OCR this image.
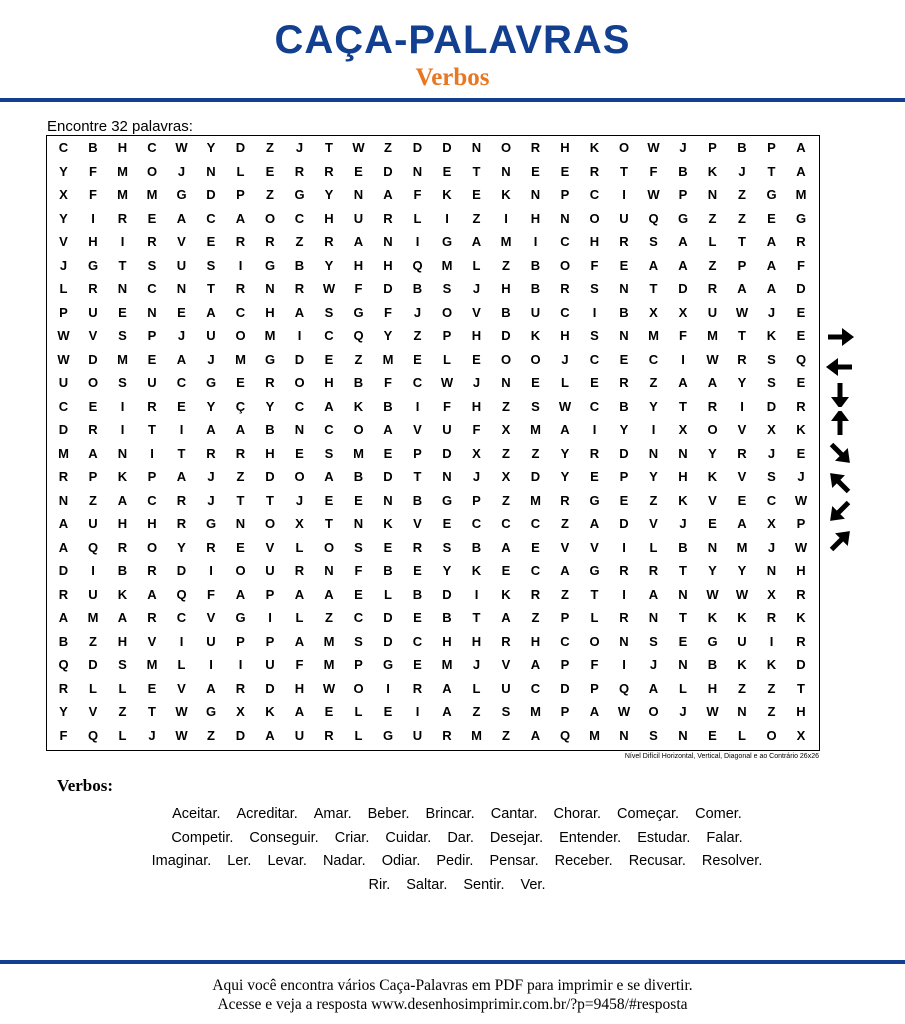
CAÇA-PALAVRAS
Verbos
Encontre 32 palavras:
C	B	H	C	W	Y	D	Z	J	T	W	Z	D	D	N	O	R	H	K	O	W	J	P	B	P	A
Y	F	M	O	J	N	L	E	R	R	E	D	N	E	T	N	E	E	R	T	F	B	K	J	T	A
X	F	M	M	G	D	P	Z	G	Y	N	A	F	K	E	K	N	P	C	I	W	P	N	Z	G	M
Y	I	R	E	A	C	A	O	C	H	U	R	L	I	Z	I	H	N	O	U	Q	G	Z	Z	E	G
V	H	I	R	V	E	R	R	Z	R	A	N	I	G	A	M	I	C	H	R	S	A	L	T	A	R
J	G	T	S	U	S	I	G	B	Y	H	H	Q	M	L	Z	B	O	F	E	A	A	Z	P	A	F
L	R	N	C	N	T	R	N	R	W	F	D	B	S	J	H	B	R	S	N	T	D	R	A	A	D
P	U	E	N	E	A	C	H	A	S	G	F	J	O	V	B	U	C	I	B	X	X	U	W	J	E
W	V	S	P	J	U	O	M	I	C	Q	Y	Z	P	H	D	K	H	S	N	M	F	M	T	K	E
W	D	M	E	A	J	M	G	D	E	Z	M	E	L	E	O	O	J	C	E	C	I	W	R	S	Q
U	O	S	U	C	G	E	R	O	H	B	F	C	W	J	N	E	L	E	R	Z	A	A	Y	S	E
C	E	I	R	E	Y	Ç	Y	C	A	K	B	I	F	H	Z	S	W	C	B	Y	T	R	I	D	R
D	R	I	T	I	A	A	B	N	C	O	A	V	U	F	X	M	A	I	Y	I	X	O	V	X	K
M	A	N	I	T	R	R	H	E	S	M	E	P	D	X	Z	Z	Y	R	D	N	N	Y	R	J	E
R	P	K	P	A	J	Z	D	O	A	B	D	T	N	J	X	D	Y	E	P	Y	H	K	V	S	J
N	Z	A	C	R	J	T	T	J	E	E	N	B	G	P	Z	M	R	G	E	Z	K	V	E	C	W
A	U	H	H	R	G	N	O	X	T	N	K	V	E	C	C	C	Z	A	D	V	J	E	A	X	P
A	Q	R	O	Y	R	E	V	L	O	S	E	R	S	B	A	E	V	V	I	L	B	N	M	J	W
D	I	B	R	D	I	O	U	R	N	F	B	E	Y	K	E	C	A	G	R	R	T	Y	Y	N	H
R	U	K	A	Q	F	A	P	A	A	E	L	B	D	I	K	R	Z	T	I	A	N	W	W	X	R
A	M	A	R	C	V	G	I	L	Z	C	D	E	B	T	A	Z	P	L	R	N	T	K	K	R	K
B	Z	H	V	I	U	P	P	A	M	S	D	C	H	H	R	H	C	O	N	S	E	G	U	I	R
Q	D	S	M	L	I	I	U	F	M	P	G	E	M	J	V	A	P	F	I	J	N	B	K	K	D
R	L	L	E	V	A	R	D	H	W	O	I	R	A	L	U	C	D	P	Q	A	L	H	Z	Z	T
Y	V	Z	T	W	G	X	K	A	E	L	E	I	A	Z	S	M	P	A	W	O	J	W	N	Z	H
F	Q	L	J	W	Z	D	A	U	R	L	G	U	R	M	Z	A	Q	M	N	S	N	E	L	O	X
Nível Difícil Horizontal, Vertical, Diagonal e ao Contrário 26x26
Verbos:
Aceitar. Acreditar. Amar. Beber. Brincar. Cantar. Chorar. Começar. Comer.
Competir. Conseguir. Criar. Cuidar. Dar. Desejar. Entender. Estudar. Falar.
Imaginar. Ler. Levar. Nadar. Odiar. Pedir. Pensar. Receber. Recusar. Resolver.
Rir. Saltar. Sentir. Ver.
Aqui você encontra vários Caça-Palavras em PDF para imprimir e se divertir.
Acesse e veja a resposta www.desenhosimprimir.com.br/?p=9458/#resposta
